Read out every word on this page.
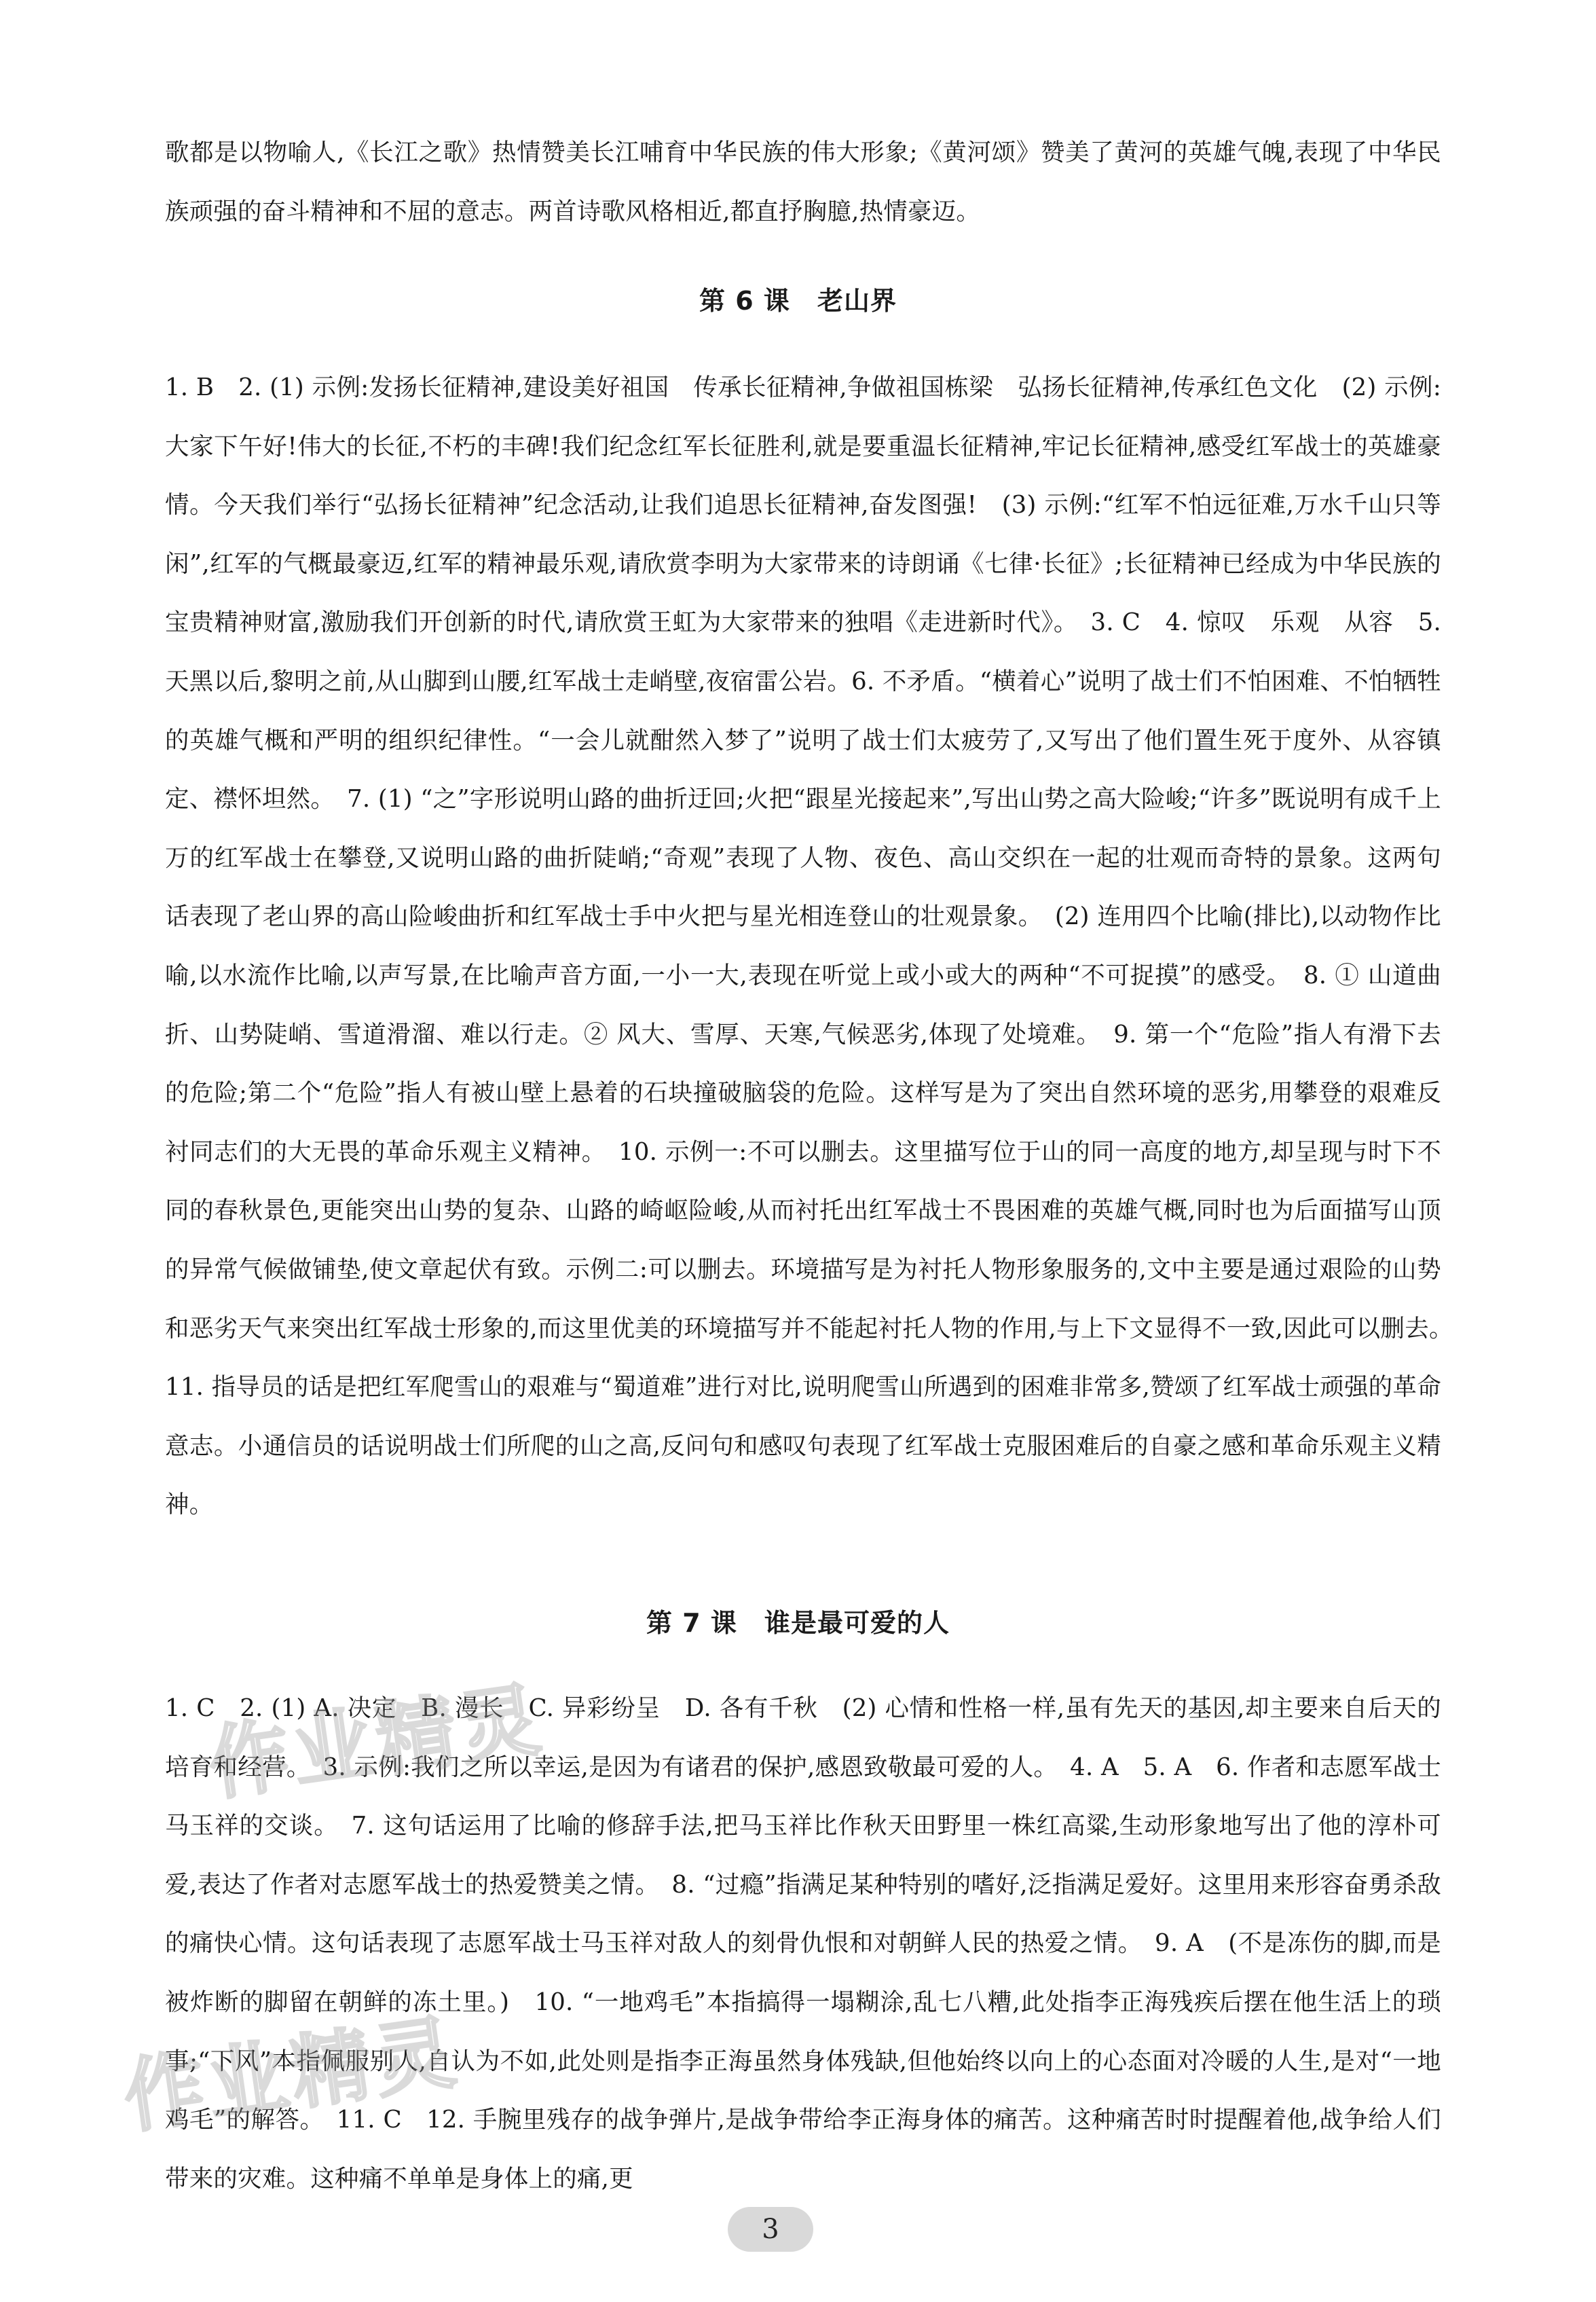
歌都是以物喻人,《长江之歌》热情赞美长江哺育中华民族的伟大形象;《黄河颂》赞美了黄河的英雄气魄,表现了中华民族顽强的奋斗精神和不屈的意志。两首诗歌风格相近,都直抒胸臆,热情豪迈。

第 6 课 老山界

1. B　2. (1) 示例:发扬长征精神,建设美好祖国　传承长征精神,争做祖国栋梁　弘扬长征精神,传承红色文化　(2) 示例:大家下午好!伟大的长征,不朽的丰碑!我们纪念红军长征胜利,就是要重温长征精神,牢记长征精神,感受红军战士的英雄豪情。今天我们举行“弘扬长征精神”纪念活动,让我们追思长征精神,奋发图强!　(3) 示例:“红军不怕远征难,万水千山只等闲”,红军的气概最豪迈,红军的精神最乐观,请欣赏李明为大家带来的诗朗诵《七律·长征》;长征精神已经成为中华民族的宝贵精神财富,激励我们开创新的时代,请欣赏王虹为大家带来的独唱《走进新时代》。　3. C　4. 惊叹　乐观　从容　5. 天黑以后,黎明之前,从山脚到山腰,红军战士走峭壁,夜宿雷公岩。6. 不矛盾。“横着心”说明了战士们不怕困难、不怕牺牲的英雄气概和严明的组织纪律性。“一会儿就酣然入梦了”说明了战士们太疲劳了,又写出了他们置生死于度外、从容镇定、襟怀坦然。　7. (1) “之”字形说明山路的曲折迂回;火把“跟星光接起来”,写出山势之高大险峻;“许多”既说明有成千上万的红军战士在攀登,又说明山路的曲折陡峭;“奇观”表现了人物、夜色、高山交织在一起的壮观而奇特的景象。这两句话表现了老山界的高山险峻曲折和红军战士手中火把与星光相连登山的壮观景象。　(2) 连用四个比喻(排比),以动物作比喻,以水流作比喻,以声写景,在比喻声音方面,一小一大,表现在听觉上或小或大的两种“不可捉摸”的感受。　8. ① 山道曲折、山势陡峭、雪道滑溜、难以行走。② 风大、雪厚、天寒,气候恶劣,体现了处境难。　9. 第一个“危险”指人有滑下去的危险;第二个“危险”指人有被山壁上悬着的石块撞破脑袋的危险。这样写是为了突出自然环境的恶劣,用攀登的艰难反衬同志们的大无畏的革命乐观主义精神。　10. 示例一:不可以删去。这里描写位于山的同一高度的地方,却呈现与时下不同的春秋景色,更能突出山势的复杂、山路的崎岖险峻,从而衬托出红军战士不畏困难的英雄气概,同时也为后面描写山顶的异常气候做铺垫,使文章起伏有致。示例二:可以删去。环境描写是为衬托人物形象服务的,文中主要是通过艰险的山势和恶劣天气来突出红军战士形象的,而这里优美的环境描写并不能起衬托人物的作用,与上下文显得不一致,因此可以删去。　11. 指导员的话是把红军爬雪山的艰难与“蜀道难”进行对比,说明爬雪山所遇到的困难非常多,赞颂了红军战士顽强的革命意志。小通信员的话说明战士们所爬的山之高,反问句和感叹句表现了红军战士克服困难后的自豪之感和革命乐观主义精神。

第 7 课 谁是最可爱的人

1. C　2. (1) A. 决定　B. 漫长　C. 异彩纷呈　D. 各有千秋　(2) 心情和性格一样,虽有先天的基因,却主要来自后天的培育和经营。　3. 示例:我们之所以幸运,是因为有诸君的保护,感恩致敬最可爱的人。　4. A　5. A　6. 作者和志愿军战士马玉祥的交谈。　7. 这句话运用了比喻的修辞手法,把马玉祥比作秋天田野里一株红高粱,生动形象地写出了他的淳朴可爱,表达了作者对志愿军战士的热爱赞美之情。　8. “过瘾”指满足某种特别的嗜好,泛指满足爱好。这里用来形容奋勇杀敌的痛快心情。这句话表现了志愿军战士马玉祥对敌人的刻骨仇恨和对朝鲜人民的热爱之情。　9. A　(不是冻伤的脚,而是被炸断的脚留在朝鲜的冻土里。)　10. “一地鸡毛”本指搞得一塌糊涂,乱七八糟,此处指李正海残疾后摆在他生活上的琐事;“下风”本指佩服别人,自认为不如,此处则是指李正海虽然身体残缺,但他始终以向上的心态面对冷暖的人生,是对“一地鸡毛”的解答。　11. C　12. 手腕里残存的战争弹片,是战争带给李正海身体的痛苦。这种痛苦时时提醒着他,战争给人们带来的灾难。这种痛不单单是身体上的痛,更

作业精灵
作业精灵
3
